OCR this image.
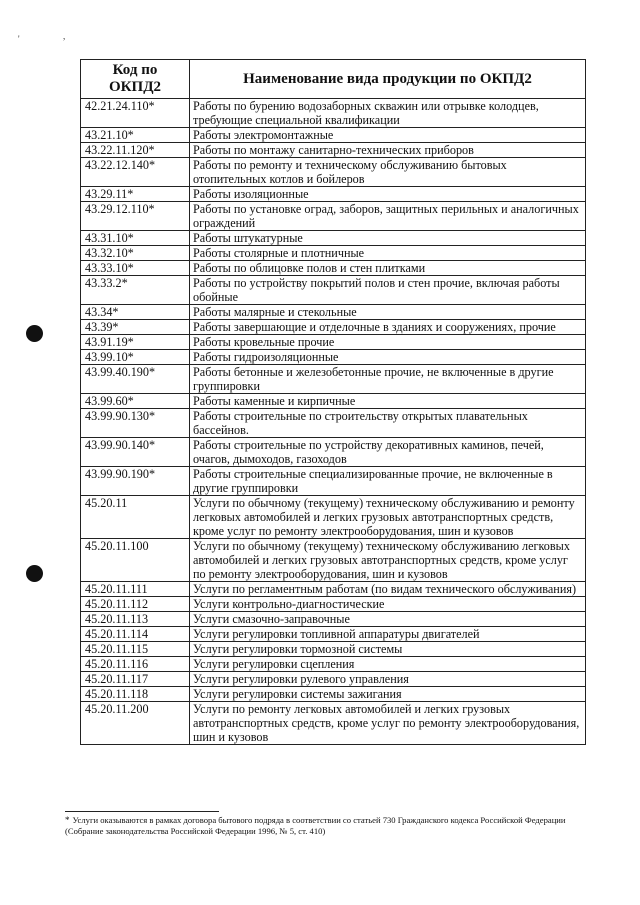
'	,
Код по ОКПД2	Наименование вида продукции по ОКПД2
42.21.24.110*	Работы по бурению водозаборных скважин или отрывке колодцев, требующие специальной квалификации
43.21.10*	Работы электромонтажные
43.22.11.120*	Работы по монтажу санитарно-технических приборов
43.22.12.140*	Работы по ремонту и техническому обслуживанию бытовых отопительных котлов и бойлеров
43.29.11*	Работы изоляционные
43.29.12.110*	Работы по установке оград, заборов, защитных перильных и аналогичных ограждений
43.31.10*	Работы штукатурные
43.32.10*	Работы столярные и плотничные
43.33.10*	Работы по облицовке полов и стен плитками
43.33.2*	Работы по устройству покрытий полов и стен прочие, включая работы обойные
43.34*	Работы малярные и стекольные
43.39*	Работы завершающие и отделочные в зданиях и сооружениях, прочие
43.91.19*	Работы кровельные прочие
43.99.10*	Работы гидроизоляционные
43.99.40.190*	Работы бетонные и железобетонные прочие, не включенные в другие группировки
43.99.60*	Работы каменные и кирпичные
43.99.90.130*	Работы строительные по строительству открытых плавательных бассейнов.
43.99.90.140*	Работы строительные по устройству декоративных каминов, печей, очагов, дымоходов, газоходов
43.99.90.190*	Работы строительные специализированные прочие, не включенные в другие группировки
45.20.11	Услуги по обычному (текущему) техническому обслуживанию и ремонту легковых автомобилей и легких грузовых автотранспортных средств, кроме услуг по ремонту электрооборудования, шин и кузовов
45.20.11.100	Услуги по обычному (текущему) техническому обслуживанию легковых автомобилей и легких грузовых автотранспортных средств, кроме услуг по ремонту электрооборудования, шин и кузовов
45.20.11.111	Услуги по регламентным работам (по видам технического обслуживания)
45.20.11.112	Услуги контрольно-диагностические
45.20.11.113	Услуги смазочно-заправочные
45.20.11.114	Услуги регулировки топливной аппаратуры двигателей
45.20.11.115	Услуги регулировки тормозной системы
45.20.11.116	Услуги регулировки сцепления
45.20.11.117	Услуги регулировки рулевого управления
45.20.11.118	Услуги регулировки системы зажигания
45.20.11.200	Услуги по ремонту легковых автомобилей и легких грузовых автотранспортных средств, кроме услуг по ремонту электрооборудования, шин и кузовов
* Услуги оказываются в рамках договора бытового подряда в соответствии со статьей 730 Гражданского кодекса Российской Федерации (Собрание законодательства Российской Федерации 1996, № 5, ст. 410)
